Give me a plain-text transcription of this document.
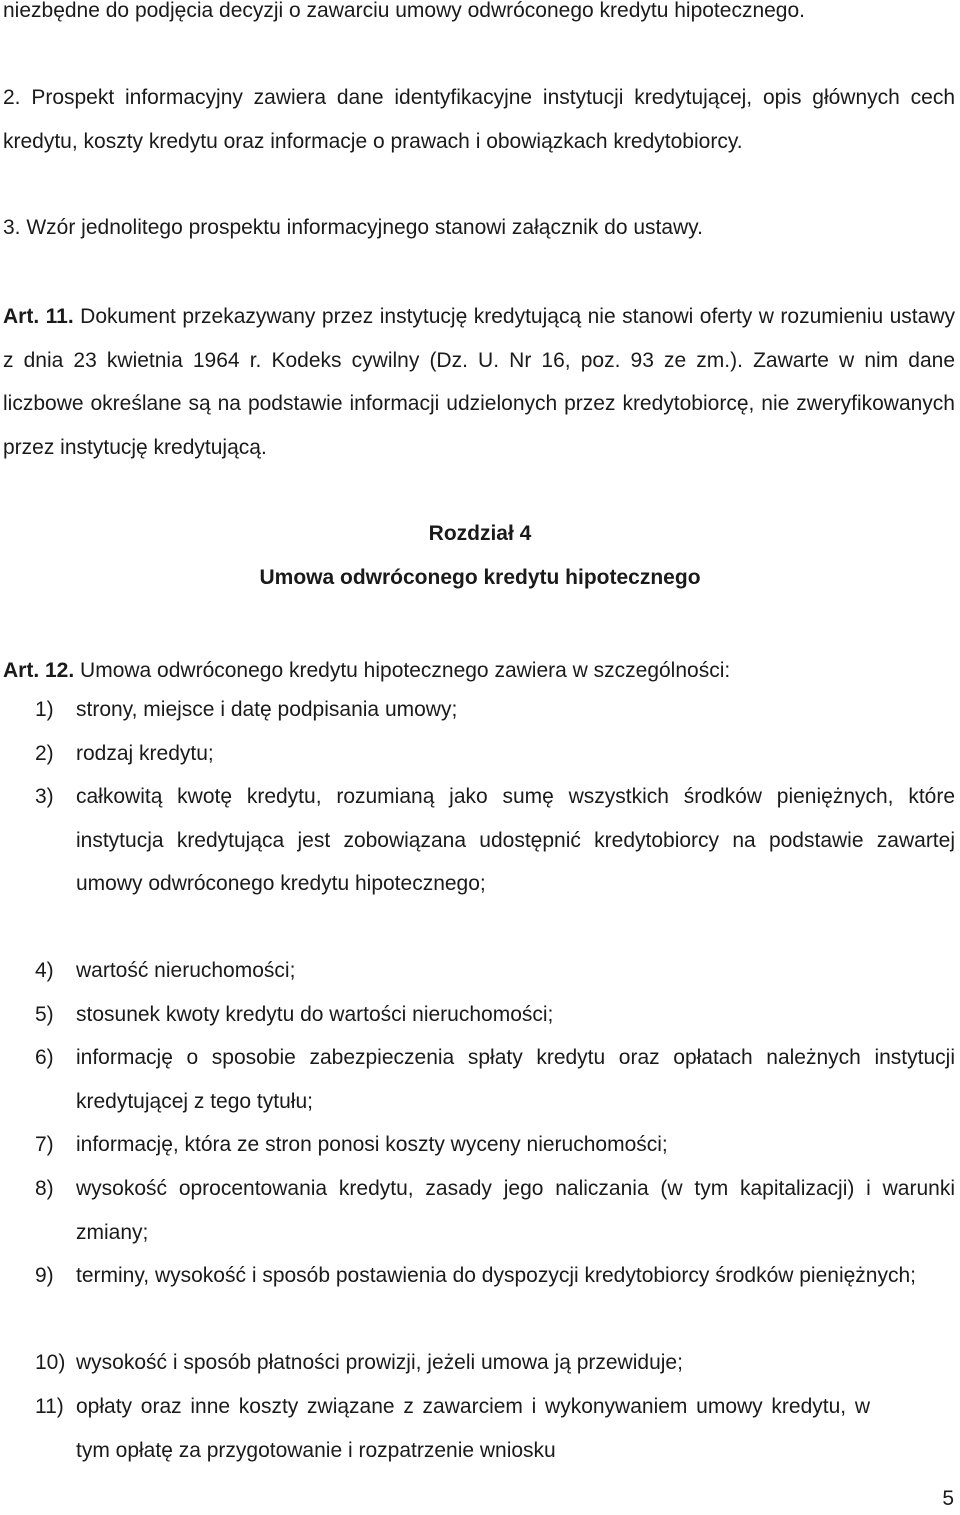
niezbędne do podjęcia decyzji o zawarciu umowy odwróconego kredytu hipotecznego.

2. Prospekt informacyjny zawiera dane identyfikacyjne instytucji kredytującej, opis głównych cech kredytu, koszty kredytu oraz informacje o prawach i obowiązkach kredytobiorcy.

3. Wzór jednolitego prospektu informacyjnego stanowi załącznik do ustawy.

Art. 11. Dokument przekazywany przez instytucję kredytującą nie stanowi oferty w rozumieniu ustawy z dnia 23 kwietnia 1964 r. Kodeks cywilny (Dz. U. Nr 16, poz. 93 ze zm.). Zawarte w nim dane liczbowe określane są na podstawie informacji udzielonych przez kredytobiorcę, nie zweryfikowanych przez instytucję kredytującą.

Rozdział 4

Umowa odwróconego kredytu hipotecznego

Art. 12. Umowa odwróconego kredytu hipotecznego zawiera w szczególności:

1)	strony, miejsce i datę podpisania umowy;
2)	rodzaj kredytu;
3)	całkowitą kwotę kredytu, rozumianą jako sumę wszystkich środków pieniężnych, które instytucja kredytująca jest zobowiązana udostępnić kredytobiorcy na podstawie zawartej umowy odwróconego kredytu hipotecznego;
4)	wartość nieruchomości;
5)	stosunek kwoty kredytu do wartości nieruchomości;
6)	informację o sposobie zabezpieczenia spłaty kredytu oraz opłatach należnych instytucji kredytującej z tego tytułu;
7)	informację, która ze stron ponosi koszty wyceny nieruchomości;
8)	wysokość oprocentowania kredytu, zasady jego naliczania (w tym kapitalizacji) i warunki zmiany;
9)	terminy, wysokość i sposób postawienia do dyspozycji kredytobiorcy środków pieniężnych;
10) wysokość i sposób płatności prowizji, jeżeli umowa ją przewiduje;
11) opłaty oraz inne koszty związane z zawarciem i wykonywaniem umowy kredytu, w tym opłatę za przygotowanie i rozpatrzenie wniosku
5
